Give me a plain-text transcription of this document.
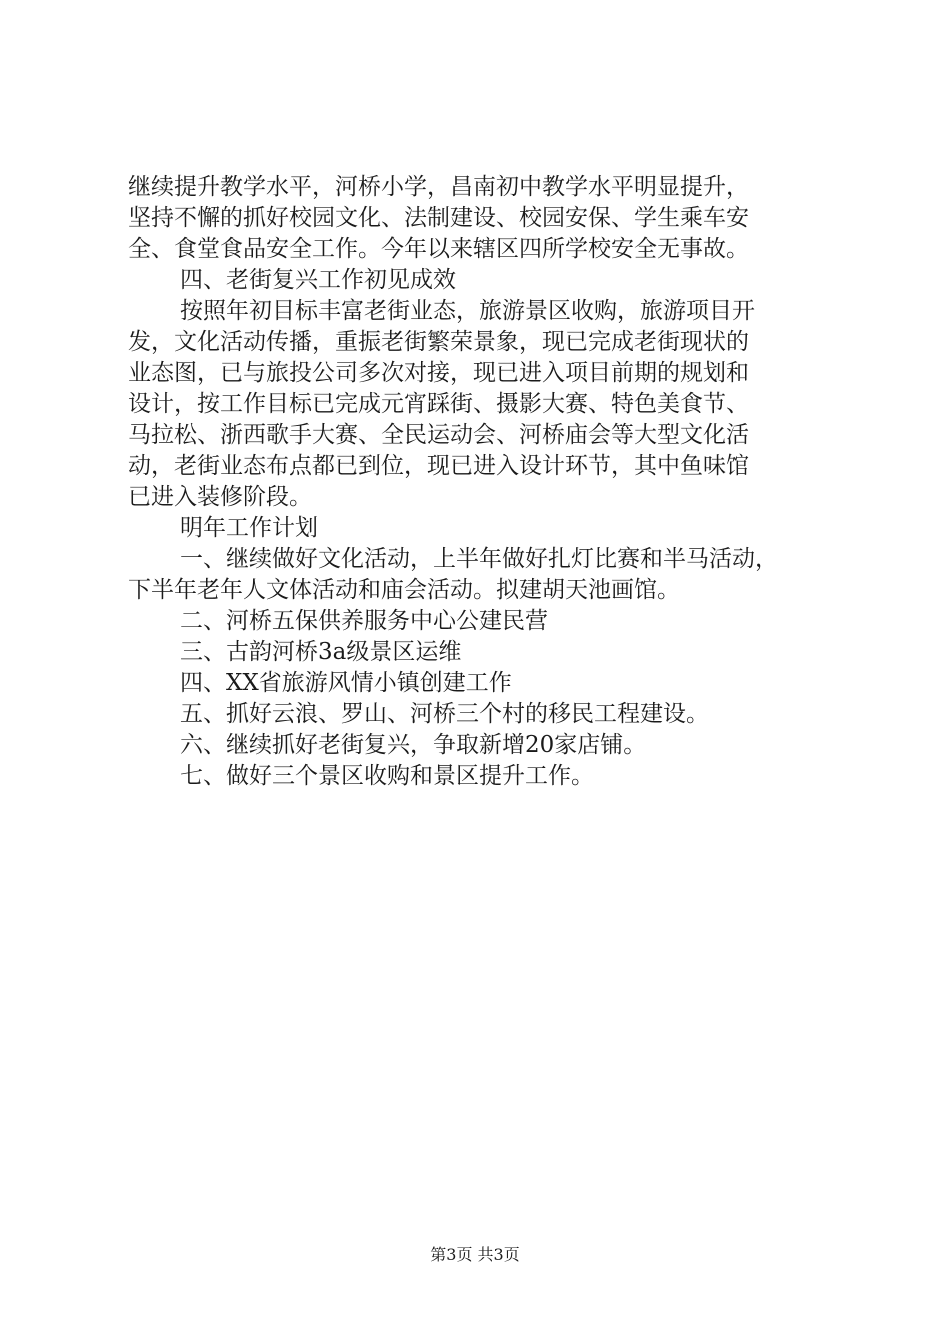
继续提升教学水平，河桥小学，昌南初中教学水平明显提升，
坚持不懈的抓好校园文化、法制建设、校园安保、学生乘车安
全、食堂食品安全工作。今年以来辖区四所学校安全无事故。
四、老街复兴工作初见成效
按照年初目标丰富老街业态，旅游景区收购，旅游项目开
发，文化活动传播，重振老街繁荣景象，现已完成老街现状的
业态图，已与旅投公司多次对接，现已进入项目前期的规划和
设计，按工作目标已完成元宵踩街、摄影大赛、特色美食节、
马拉松、浙西歌手大赛、全民运动会、河桥庙会等大型文化活
动，老街业态布点都已到位，现已进入设计环节，其中鱼味馆
已进入装修阶段。
明年工作计划
一、继续做好文化活动，上半年做好扎灯比赛和半马活动，
下半年老年人文体活动和庙会活动。拟建胡天池画馆。
二、河桥五保供养服务中心公建民营
三、古韵河桥3a级景区运维
四、XX省旅游风情小镇创建工作
五、抓好云浪、罗山、河桥三个村的移民工程建设。
六、继续抓好老街复兴，争取新增20家店铺。
七、做好三个景区收购和景区提升工作。
第3页 共3页
